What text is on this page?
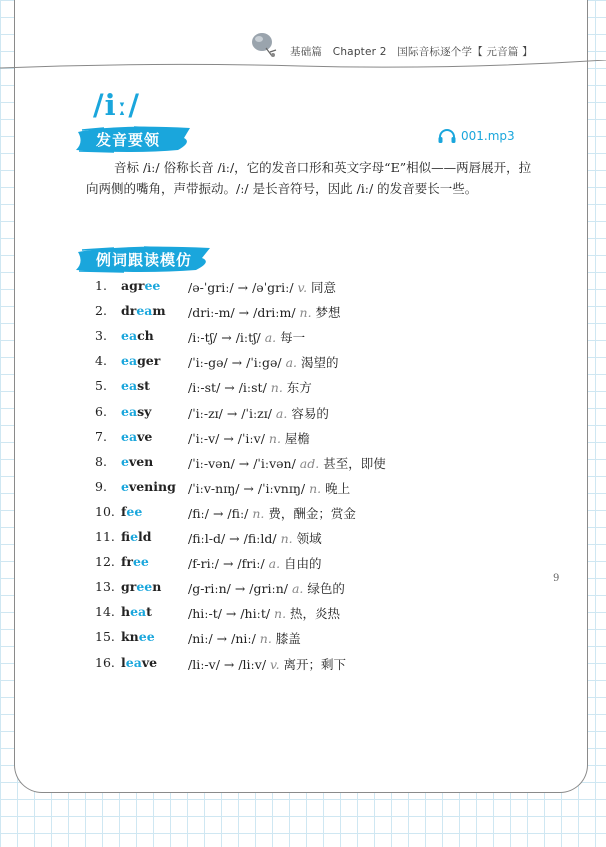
基础篇　Chapter 2　国际音标逐个学【 元音篇 】
/iː/
发音要领	001.mp3
音标 /iː/ 俗称长音 /iː/，它的发音口形和英文字母“E”相似——两唇展开，拉向两侧的嘴角，声带振动。/ː/ 是长音符号，因此 /iː/ 的发音要长一些。
例词跟读模仿
1.	agree /ə-ˈgriː/ → /əˈgriː/ v. 同意
2.	dream /driː-m/ → /driːm/ n. 梦想
3.	each	/iː-tʃ/ → /iːtʃ/ a. 每一
4.	eager /ˈiː-gə/ → /ˈiːgə/ a. 渴望的
5.	east	/iː-st/ → /iːst/ n. 东方
6.	easy	/ˈiː-zɪ/ → /ˈiːzɪ/ a. 容易的
7.	eave	/ˈiː-v/ → /ˈiːv/ n. 屋檐
8.	even	/ˈiː-vən/ → /ˈiːvən/ ad. 甚至，即使
9.	evening /ˈiːv-nɪŋ/ → /ˈiːvnɪŋ/ n. 晚上
10. fee	/fiː/ → /fiː/ n. 费，酬金；赏金
11. field	/fiːl-d/ → /fiːld/ n. 领域
12. free	/f-riː/ → /friː/ a. 自由的
13. green /g-riːn/ → /griːn/ a. 绿色的
14. heat	/hiː-t/ → /hiːt/ n. 热，炎热
15. knee	/niː/ → /niː/ n. 膝盖
16. leave /liː-v/ → /liːv/ v. 离开；剩下
9
